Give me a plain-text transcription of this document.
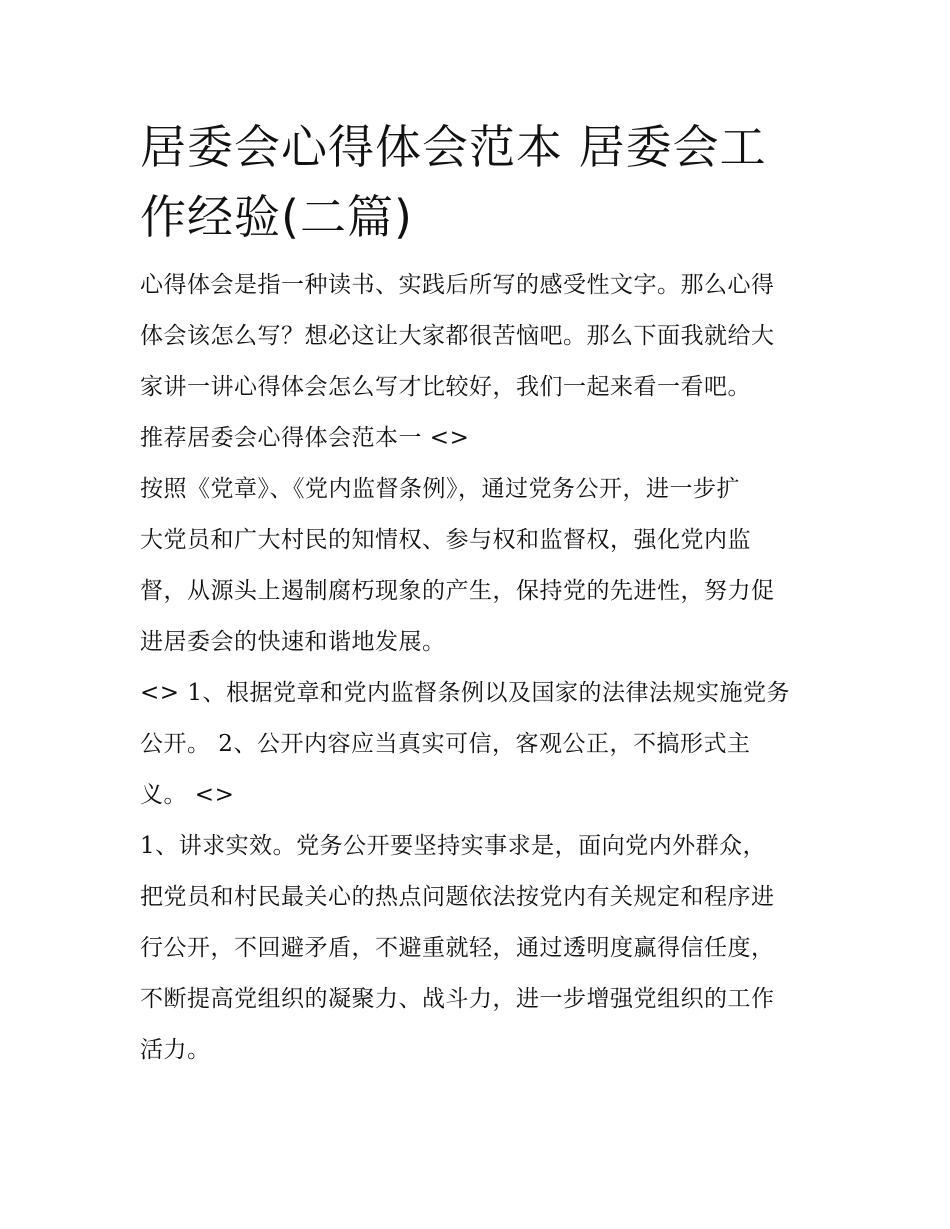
居委会心得体会范本 居委会工
作经验(二篇)

心得体会是指一种读书、实践后所写的感受性文字。那么心得
体会该怎么写？想必这让大家都很苦恼吧。那么下面我就给大
家讲一讲心得体会怎么写才比较好，我们一起来看一看吧。

推荐居委会心得体会范本一 <>

按照《党章》、《党内监督条例》，通过党务公开，进一步扩
大党员和广大村民的知情权、参与权和监督权，强化党内监
督，从源头上遏制腐朽现象的产生，保持党的先进性，努力促
进居委会的快速和谐地发展。

<> 1、根据党章和党内监督条例以及国家的法律法规实施党务
公开。 2、公开内容应当真实可信，客观公正，不搞形式主
义。 <>

1、讲求实效。党务公开要坚持实事求是，面向党内外群众，
把党员和村民最关心的热点问题依法按党内有关规定和程序进
行公开，不回避矛盾，不避重就轻，通过透明度赢得信任度，
不断提高党组织的凝聚力、战斗力，进一步增强党组织的工作
活力。
